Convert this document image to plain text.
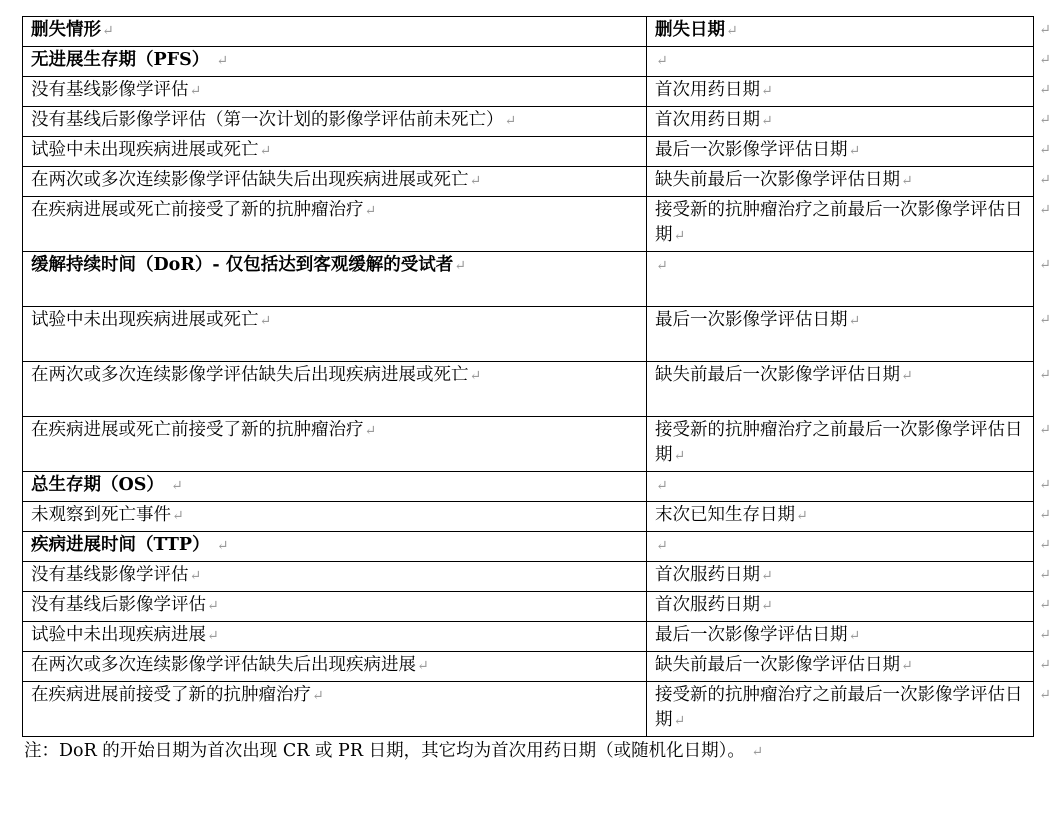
删失情形↵	删失日期↵
无进展生存期（PFS） ↵	↵
没有基线影像学评估↵	首次用药日期↵
没有基线后影像学评估（第一次计划的影像学评估前未死亡）↵	首次用药日期↵
试验中未出现疾病进展或死亡↵	最后一次影像学评估日期↵
在两次或多次连续影像学评估缺失后出现疾病进展或死亡↵	缺失前最后一次影像学评估日期↵
在疾病进展或死亡前接受了新的抗肿瘤治疗↵	接受新的抗肿瘤治疗之前最后一次影像学评估日期↵
缓解持续时间（DoR）- 仅包括达到客观缓解的受试者↵	↵
试验中未出现疾病进展或死亡↵	最后一次影像学评估日期↵
在两次或多次连续影像学评估缺失后出现疾病进展或死亡↵	缺失前最后一次影像学评估日期↵
在疾病进展或死亡前接受了新的抗肿瘤治疗↵	接受新的抗肿瘤治疗之前最后一次影像学评估日期↵
总生存期（OS） ↵	↵
未观察到死亡事件↵	末次已知生存日期↵
疾病进展时间（TTP） ↵	↵
没有基线影像学评估↵	首次服药日期↵
没有基线后影像学评估↵	首次服药日期↵
试验中未出现疾病进展↵	最后一次影像学评估日期↵
在两次或多次连续影像学评估缺失后出现疾病进展↵	缺失前最后一次影像学评估日期↵
在疾病进展前接受了新的抗肿瘤治疗↵	接受新的抗肿瘤治疗之前最后一次影像学评估日期↵
注：DoR 的开始日期为首次出现 CR 或 PR 日期，其它均为首次用药日期（或随机化日期）。 ↵
↵
↵
↵
↵
↵
↵
↵
↵
↵
↵
↵
↵
↵
↵
↵
↵
↵
↵
↵
